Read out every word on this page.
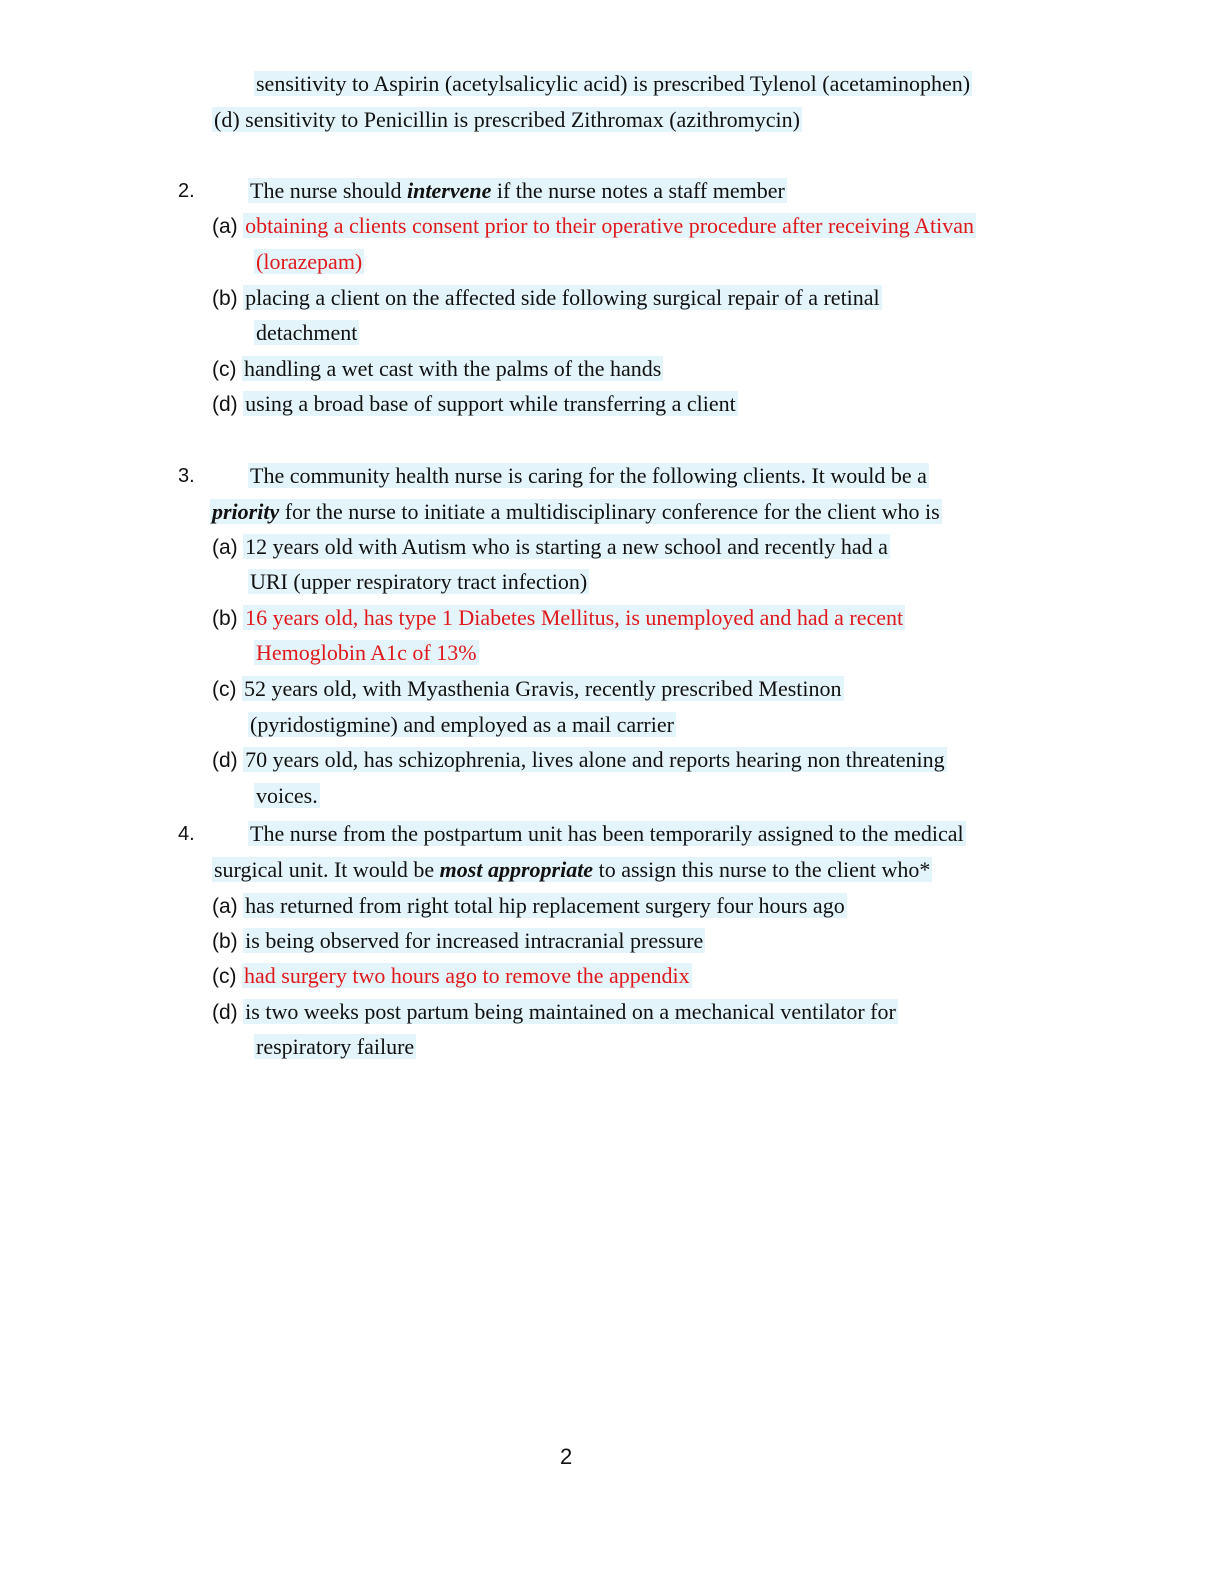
sensitivity to Aspirin (acetylsalicylic acid) is prescribed Tylenol (acetaminophen)
(d) sensitivity to Penicillin is prescribed Zithromax (azithromycin)
2.	The nurse should intervene if the nurse notes a staff member
(a) obtaining a clients consent prior to their operative procedure after receiving Ativan
(lorazepam)
(b) placing a client on the affected side following surgical repair of a retinal
detachment
(c) handling a wet cast with the palms of the hands
(d) using a broad base of support while transferring a client
3.	The community health nurse is caring for the following clients. It would be a
priority for the nurse to initiate a multidisciplinary conference for the client who is
(a) 12 years old with Autism who is starting a new school and recently had a
URI (upper respiratory tract infection)
(b) 16 years old, has type 1 Diabetes Mellitus, is unemployed and had a recent
Hemoglobin A1c of 13%
(c) 52 years old, with Myasthenia Gravis, recently prescribed Mestinon
(pyridostigmine) and employed as a mail carrier
(d) 70 years old, has schizophrenia, lives alone and reports hearing non threatening
voices.
4.	The nurse from the postpartum unit has been temporarily assigned to the medical
surgical unit. It would be most appropriate to assign this nurse to the client who*
(a) has returned from right total hip replacement surgery four hours ago
(b) is being observed for increased intracranial pressure
(c) had surgery two hours ago to remove the appendix
(d) is two weeks post partum being maintained on a mechanical ventilator for
respiratory failure
2
